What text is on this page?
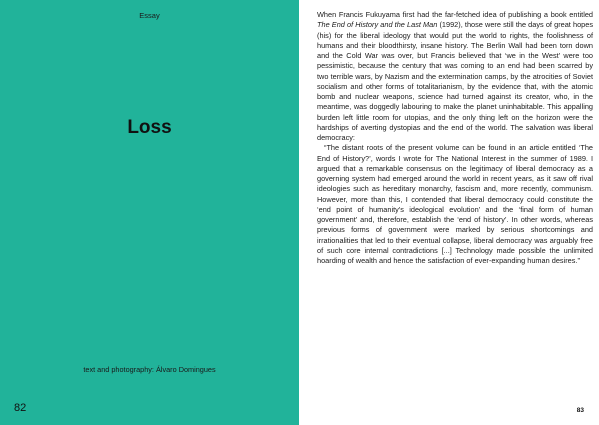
Essay
Loss
text and photography: Álvaro Domingues
82

When Francis Fukuyama first had the far-fetched idea of publishing a book entitled The End of History and the Last Man (1992), those were still the days of great hopes (his) for the liberal ideology that would put the world to rights, the foolishness of humans and their bloodthirsty, insane history. The Berlin Wall had been torn down and the Cold War was over, but Francis believed that ‘we in the West’ were too pessimistic, because the century that was coming to an end had been scarred by two terrible wars, by Nazism and the extermination camps, by the atrocities of Soviet socialism and other forms of totalitarianism, by the evidence that, with the atomic bomb and nuclear weapons, science had turned against its creator, who, in the meantime, was doggedly labouring to make the planet uninhabitable. This appalling burden left little room for utopias, and the only thing left on the horizon were the hardships of averting dystopias and the end of the world. The salvation was liberal democracy:

“The distant roots of the present volume can be found in an article entitled ‘The End of History?’, words I wrote for The National Interest in the summer of 1989. I argued that a remarkable consensus on the legitimacy of liberal democracy as a governing system had emerged around the world in recent years, as it saw off rival ideologies such as hereditary monarchy, fascism and, more recently, communism. However, more than this, I contended that liberal democracy could constitute the ‘end point of humanity's ideological evolution’ and the ‘final form of human government’ and, therefore, establish the ‘end of history’. In other words, whereas previous forms of government were marked by serious shortcomings and irrationalities that led to their eventual collapse, liberal democracy was arguably free of such core internal contradictions [...] Technology made possible the unlimited hoarding of wealth and hence the satisfaction of ever-expanding human desires.”

83
